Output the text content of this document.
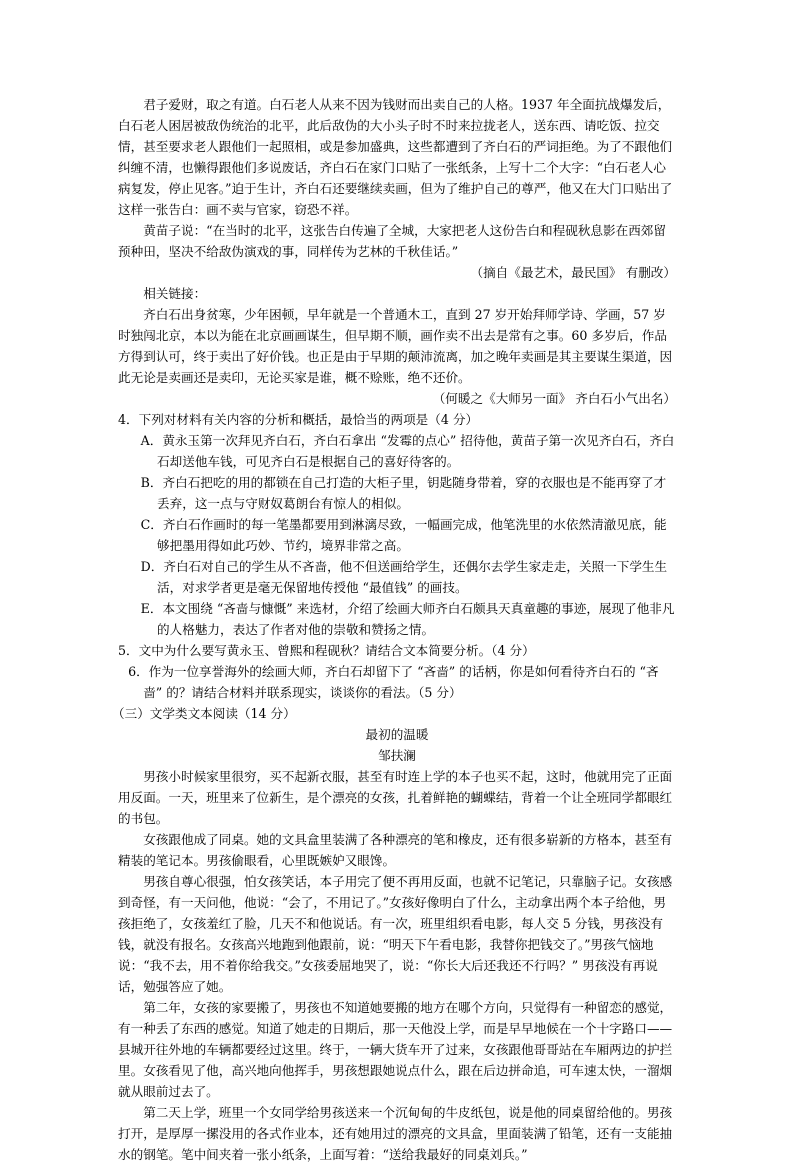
君子爱财，取之有道。白石老人从来不因为钱财而出卖自己的人格。1937 年全面抗战爆发后，白石老人困居被敌伪统治的北平，此后敌伪的大小头子时不时来拉拢老人，送东西、请吃饭、拉交情，甚至要求老人跟他们一起照相，或是参加盛典，这些都遭到了齐白石的严词拒绝。为了不跟他们纠缠不清，也懒得跟他们多说废话，齐白石在家门口贴了一张纸条，上写十二个大字：“白石老人心病复发，停止见客。”迫于生计，齐白石还要继续卖画，但为了维护自己的尊严，他又在大门口贴出了这样一张告白：画不卖与官家，窃恐不祥。

黄苗子说：“在当时的北平，这张告白传遍了全城，大家把老人这份告白和程砚秋息影在西郊留预种田，坚决不给敌伪演戏的事，同样传为艺林的千秋佳话。”

（摘自《最艺术，最民国》 有删改）

相关链接：

齐白石出身贫寒，少年困顿，早年就是一个普通木工，直到 27 岁开始拜师学诗、学画，57 岁时独闯北京，本以为能在北京画画谋生，但早期不顺，画作卖不出去是常有之事。60 多岁后，作品方得到认可，终于卖出了好价钱。也正是由于早期的颠沛流离，加之晚年卖画是其主要谋生渠道，因此无论是卖画还是卖印，无论买家是谁，概不赊账，绝不还价。

（何暖之《大师另一面》 齐白石小气出名）

4．下列对材料有关内容的分析和概括，最恰当的两项是（4 分）

A．黄永玉第一次拜见齐白石，齐白石拿出 “发霉的点心” 招待他，黄苗子第一次见齐白石，齐白石却送他车钱，可见齐白石是根据自己的喜好待客的。

B．齐白石把吃的用的都锁在自己打造的大柜子里，钥匙随身带着，穿的衣服也是不能再穿了才丢弃，这一点与守财奴葛朗台有惊人的相似。

C．齐白石作画时的每一笔墨都要用到淋漓尽致，一幅画完成，他笔洗里的水依然清澈见底，能够把墨用得如此巧妙、节约，境界非常之高。

D．齐白石对自己的学生从不吝啬，他不但送画给学生，还偶尔去学生家走走，关照一下学生生活，对求学者更是毫无保留地传授他 “最值钱” 的画技。

E．本文围绕 “吝啬与慷慨” 来选材，介绍了绘画大师齐白石颇具天真童趣的事迹，展现了他非凡的人格魅力，表达了作者对他的崇敬和赞扬之情。

5．文中为什么要写黄永玉、曾熙和程砚秋？请结合文本简要分析。（4 分）

6．作为一位享誉海外的绘画大师，齐白石却留下了 “吝啬” 的话柄，你是如何看待齐白石的 “吝啬” 的？请结合材料并联系现实，谈谈你的看法。（5 分）

（三）文学类文本阅读（14 分）

最初的温暖

邹扶澜

男孩小时候家里很穷，买不起新衣服，甚至有时连上学的本子也买不起，这时，他就用完了正面用反面。一天，班里来了位新生，是个漂亮的女孩，扎着鲜艳的蝴蝶结，背着一个让全班同学都眼红的书包。

女孩跟他成了同桌。她的文具盒里装满了各种漂亮的笔和橡皮，还有很多崭新的方格本，甚至有精装的笔记本。男孩偷眼看，心里既嫉妒又眼馋。

男孩自尊心很强，怕女孩笑话，本子用完了便不再用反面，也就不记笔记，只靠脑子记。女孩感到奇怪，有一天问他，他说：“会了，不用记了。”女孩好像明白了什么，主动拿出两个本子给他，男孩拒绝了，女孩羞红了脸，几天不和他说话。有一次，班里组织看电影，每人交 5 分钱，男孩没有钱，就没有报名。女孩高兴地跑到他跟前，说：“明天下午看电影，我替你把钱交了。”男孩气恼地说：“我不去，用不着你给我交。”女孩委屈地哭了，说：“你长大后还我还不行吗？” 男孩没有再说话，勉强答应了她。

第二年，女孩的家要搬了，男孩也不知道她要搬的地方在哪个方向，只觉得有一种留恋的感觉，有一种丢了东西的感觉。知道了她走的日期后，那一天他没上学，而是早早地候在一个十字路口——县城开往外地的车辆都要经过这里。终于，一辆大货车开了过来，女孩跟他哥哥站在车厢两边的护拦里。女孩看见了他，高兴地向他挥手，男孩想跟她说点什么，跟在后边拼命追，可车速太快，一溜烟就从眼前过去了。

第二天上学，班里一个女同学给男孩送来一个沉甸甸的牛皮纸包，说是他的同桌留给他的。男孩打开，是厚厚一摞没用的各式作业本，还有她用过的漂亮的文具盒，里面装满了铅笔，还有一支能抽水的钢笔。笔中间夹着一张小纸条，上面写着：“送给我最好的同桌刘兵。”
